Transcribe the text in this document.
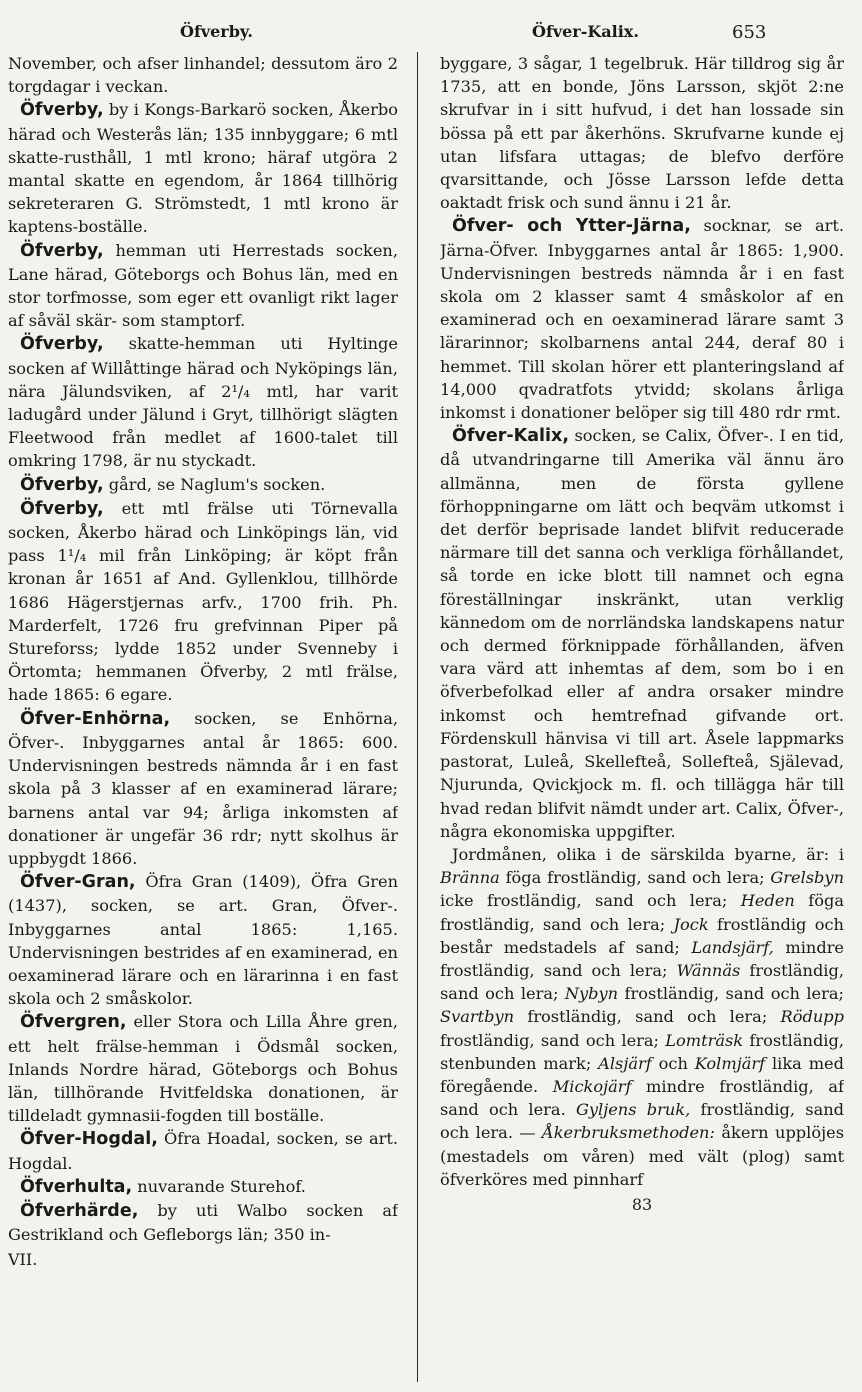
Öfverby.	Öfver-Kalix.	653

November, och afser linhandel; dessutom äro 2 torgdagar i veckan.

Öfverby, by i Kongs-Barkarö socken, Åkerbo härad och Westerås län; 135 innbyggare; 6 mtl skatte-rusthåll, 1 mtl krono; häraf utgöra 2 mantal skatte en egendom, år 1864 tillhörig sekreteraren G. Strömstedt, 1 mtl krono är kaptens-boställe.

Öfverby, hemman uti Herrestads socken, Lane härad, Göteborgs och Bohus län, med en stor torfmosse, som eger ett ovanligt rikt lager af såväl skär- som stamptorf.

Öfverby, skatte-hemman uti Hyltinge socken af Willåttinge härad och Nyköpings län, nära Jälundsviken, af 2¹/₄ mtl, har varit ladugård under Jälund i Gryt, tillhörigt slägten Fleetwood från medlet af 1600-talet till omkring 1798, är nu styckadt.

Öfverby, gård, se Naglum's socken.

Öfverby, ett mtl frälse uti Törnevalla socken, Åkerbo härad och Linköpings län, vid pass 1¹/₄ mil från Linköping; är köpt från kronan år 1651 af And. Gyllenklou, tillhörde 1686 Hägerstjernas arfv., 1700 frih. Ph. Marderfelt, 1726 fru grefvinnan Piper på Stureforss; lydde 1852 under Svenneby i Örtomta; hemmanen Öfverby, 2 mtl frälse, hade 1865: 6 egare.

Öfver-Enhörna, socken, se Enhörna, Öfver-. Inbyggarnes antal år 1865: 600. Undervisningen bestreds nämnda år i en fast skola på 3 klasser af en examinerad lärare; barnens antal var 94; årliga inkomsten af donationer är ungefär 36 rdr; nytt skolhus är uppbygdt 1866.

Öfver-Gran, Öfra Gran (1409), Öfra Gren (1437), socken, se art. Gran, Öfver-. Inbyggarnes antal 1865: 1,165. Undervisningen bestrides af en examinerad, en oexaminerad lärare och en lärarinna i en fast skola och 2 småskolor.

Öfvergren, eller Stora och Lilla Åhre gren, ett helt frälse-hemman i Ödsmål socken, Inlands Nordre härad, Göteborgs och Bohus län, tillhörande Hvitfeldska donationen, är tilldeladt gymnasii-fogden till boställe.

Öfver-Hogdal, Öfra Hoadal, socken, se art. Hogdal.

Öfverhulta, nuvarande Sturehof.

Öfverhärde, by uti Walbo socken af Gestrikland och Gefleborgs län; 350 in-

VII.

byggare, 3 sågar, 1 tegelbruk. Här tilldrog sig år 1735, att en bonde, Jöns Larsson, skjöt 2:ne skrufvar in i sitt hufvud, i det han lossade sin bössa på ett par åkerhöns. Skrufvarne kunde ej utan lifsfara uttagas; de blefvo derföre qvarsittande, och Jösse Larsson lefde detta oaktadt frisk och sund ännu i 21 år.

Öfver- och Ytter-Järna, socknar, se art. Järna-Öfver. Inbyggarnes antal år 1865: 1,900. Undervisningen bestreds nämnda år i en fast skola om 2 klasser samt 4 småskolor af en examinerad och en oexaminerad lärare samt 3 lärarinnor; skolbarnens antal 244, deraf 80 i hemmet. Till skolan hörer ett planteringsland af 14,000 qvadratfots ytvidd; skolans årliga inkomst i donationer belöper sig till 480 rdr rmt.

Öfver-Kalix, socken, se Calix, Öfver-. I en tid, då utvandringarne till Amerika väl ännu äro allmänna, men de första gyllene förhoppningarne om lätt och beqväm utkomst i det derför beprisade landet blifvit reducerade närmare till det sanna och verkliga förhållandet, så torde en icke blott till namnet och egna föreställningar inskränkt, utan verklig kännedom om de norrländska landskapens natur och dermed förknippade förhållanden, äfven vara värd att inhemtas af dem, som bo i en öfverbefolkad eller af andra orsaker mindre inkomst och hemtrefnad gifvande ort. Fördenskull hänvisa vi till art. Åsele lappmarks pastorat, Luleå, Skellefteå, Sollefteå, Själevad, Njurunda, Qvickjock m. fl. och tillägga här till hvad redan blifvit nämdt under art. Calix, Öfver-, några ekonomiska uppgifter.

Jordmånen, olika i de särskilda byarne, är: i Bränna föga frostländig, sand och lera; Grelsbyn icke frostländig, sand och lera; Heden föga frostländig, sand och lera; Jock frostländig och består medstadels af sand; Landsjärf, mindre frostländig, sand och lera; Wännäs frostländig, sand och lera; Nybyn frostländig, sand och lera; Svartbyn frostländig, sand och lera; Rödupp frostländig, sand och lera; Lomträsk frostländig, stenbunden mark; Alsjärf och Kolmjärf lika med föregående. Mickojärf mindre frostländig, af sand och lera. Gyljens bruk, frostländig, sand och lera. — Åkerbruksmethoden: åkern upplöjes (mestadels om våren) med vält (plog) samt öfverköres med pinnharf

83
